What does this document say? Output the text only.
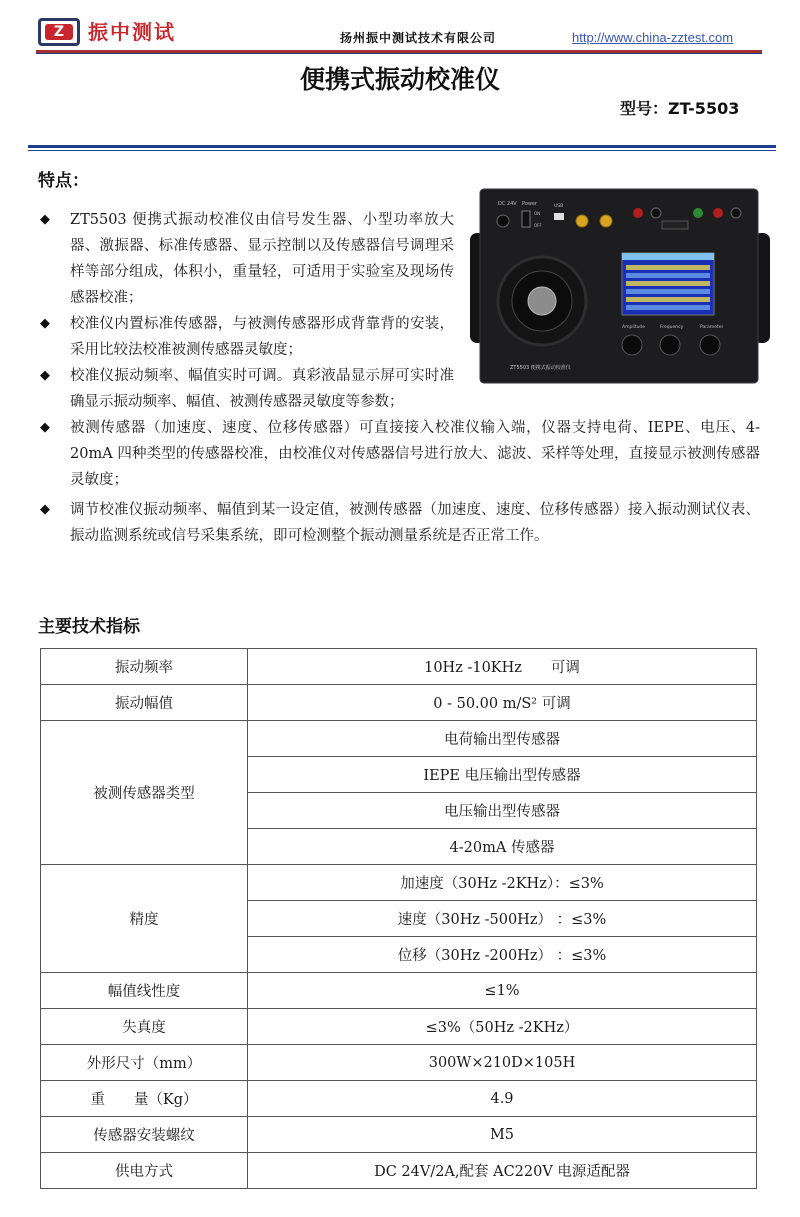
Z	振中测试	扬州振中测试技术有限公司	http://www.china-zztest.com
便携式振动校准仪
型号：ZT-5503
特点：
DC 24V Power
ON
OFF
USB
Amplitude	Frequency	Parameter
ZT5503 便携式振动校准仪
◆	ZT5503 便携式振动校准仪由信号发生器、小型功率放大器、激振器、标准传感器、显示控制以及传感器信号调理采样等部分组成，体积小，重量轻，可适用于实验室及现场传感器校准；
◆	校准仪内置标准传感器，与被测传感器形成背靠背的安装，采用比较法校准被测传感器灵敏度；
◆	校准仪振动频率、幅值实时可调。真彩液晶显示屏可实时准确显示振动频率、幅值、被测传感器灵敏度等参数；
◆	被测传感器（加速度、速度、位移传感器）可直接接入校准仪输入端，仪器支持电荷、IEPE、电压、4-20mA 四种类型的传感器校准，由校准仪对传感器信号进行放大、滤波、采样等处理，直接显示被测传感器灵敏度；
◆	调节校准仪振动频率、幅值到某一设定值，被测传感器（加速度、速度、位移传感器）接入振动测试仪表、振动监测系统或信号采集系统，即可检测整个振动测量系统是否正常工作。
主要技术指标
振动频率	10Hz -10KHz　　可调
振动幅值	0 - 50.00 m/S² 可调
被测传感器类型	电荷输出型传感器
	IEPE 电压输出型传感器
	电压输出型传感器
	4-20mA 传感器
精度	加速度（30Hz -2KHz）：≤3%
	速度（30Hz -500Hz） ：≤3%
	位移（30Hz -200Hz） ：≤3%
幅值线性度	≤1%
失真度	≤3%（50Hz -2KHz）
外形尺寸（mm）	300W×210D×105H
重　　量（Kg）	4.9
传感器安装螺纹	M5
供电方式	DC 24V/2A,配套 AC220V 电源适配器
